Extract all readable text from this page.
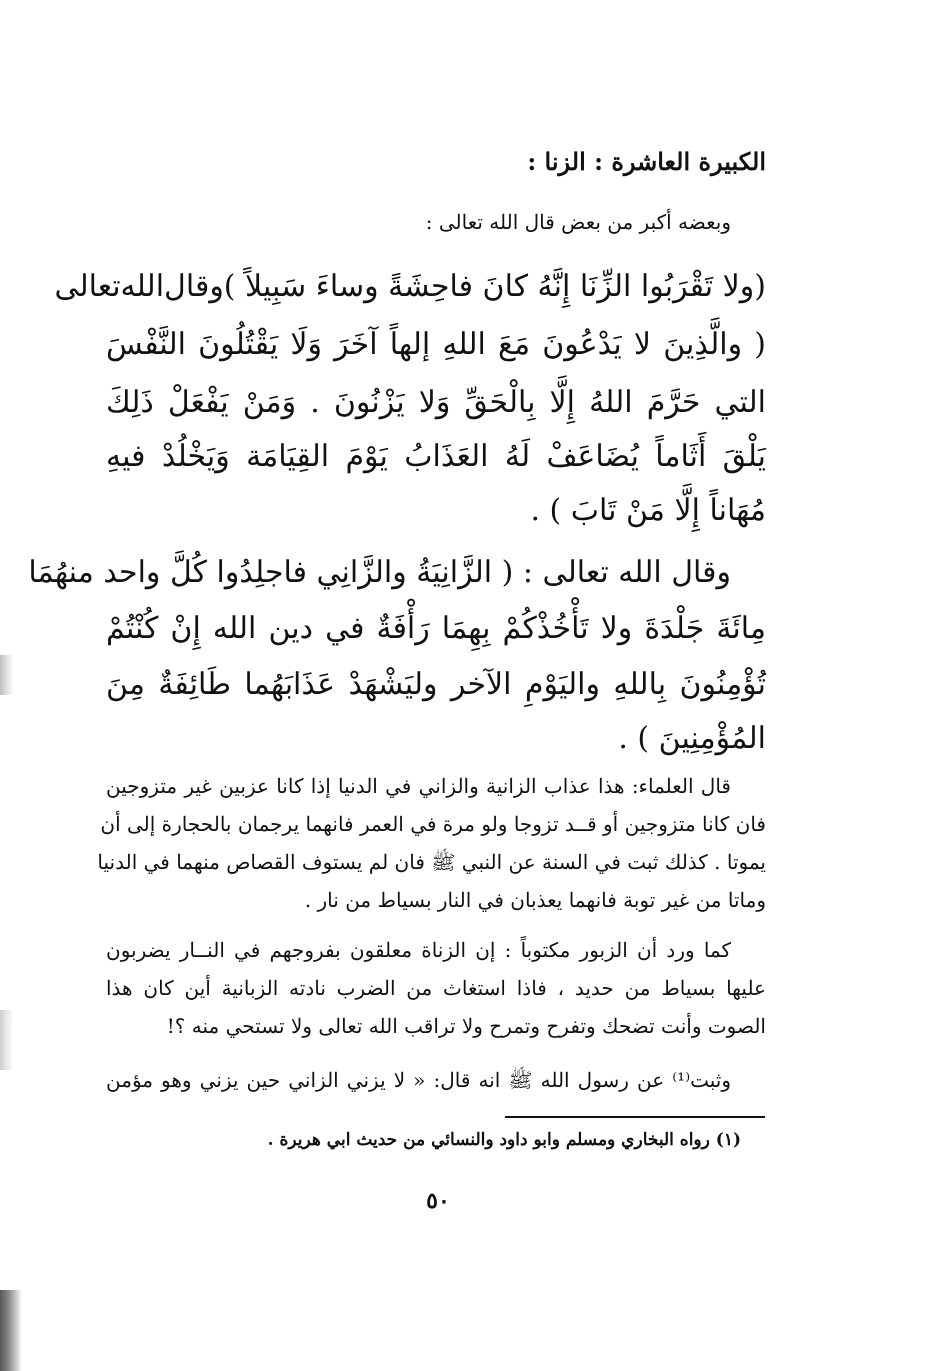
الكبيرة العاشرة : الزنا :
وبعضه أكبر من بعض قال الله تعالى :
(ولا تَقْرَبُوا الزِّنَا إِنَّهُ كانَ فاحِشَةً وساءَ سَبِيلاً )وقال‌الله‌تعالى
( والَّذِينَ لا يَدْعُونَ مَعَ اللهِ إلهاً آخَرَ وَلَا يَقْتُلُونَ النَّفْسَ
التي حَرَّمَ اللهُ إِلَّا بِالْحَقِّ وَلا يَزْنُونَ . وَمَنْ يَفْعَلْ ذَلِكَ
يَلْقَ أَثَاماً يُضَاعَفْ لَهُ العَذَابُ يَوْمَ القِيَامَة وَيَخْلُدْ فيهِ
مُهَاناً إِلَّا مَنْ تَابَ ) .
وقال الله تعالى : ( الزَّانِيَةُ والزَّانِي فاجلِدُوا كُلَّ واحد منهُمَا
مِائَةَ جَلْدَةَ ولا تَأْخُذْكُمْ بِهِمَا رَأْفَةٌ في دين الله إِنْ كُنْتُمْ
تُؤْمِنُونَ بِاللهِ واليَوْمِ الآخر وليَشْهَدْ عَذَابَهُما طَائِفَةٌ مِنَ
المُؤْمِنِينَ ) .
قال العلماء: هذا عذاب الزانية والزاني في الدنيا إذا كانا عزبين غير متزوجين
فان كانا متزوجين أو قــد تزوجا ولو مرة في العمر فانهما يرجمان بالحجارة إلى أن
يموتا . كذلك ثبت في السنة عن النبي ﷺ فان لم يستوف القصاص منهما في الدنيا
وماتا من غير توبة فانهما يعذبان في النار بسياط من نار .
كما ورد أن الزبور مكتوباً : إن الزناة معلقون بفروجهم في النــار يضربون
عليها بسياط من حديد ، فاذا استغاث من الضرب نادته الزبانية أين كان هذا
الصوت وأنت تضحك وتفرح وتمرح ولا تراقب الله تعالى ولا تستحي منه ؟!
وثبت⁽¹⁾ عن رسول الله ﷺ انه قال: « لا يزني الزاني حين يزني وهو مؤمن
(١) رواه البخاري ومسلم وابو داود والنسائي من حديث ابي هريرة .
٥٠
